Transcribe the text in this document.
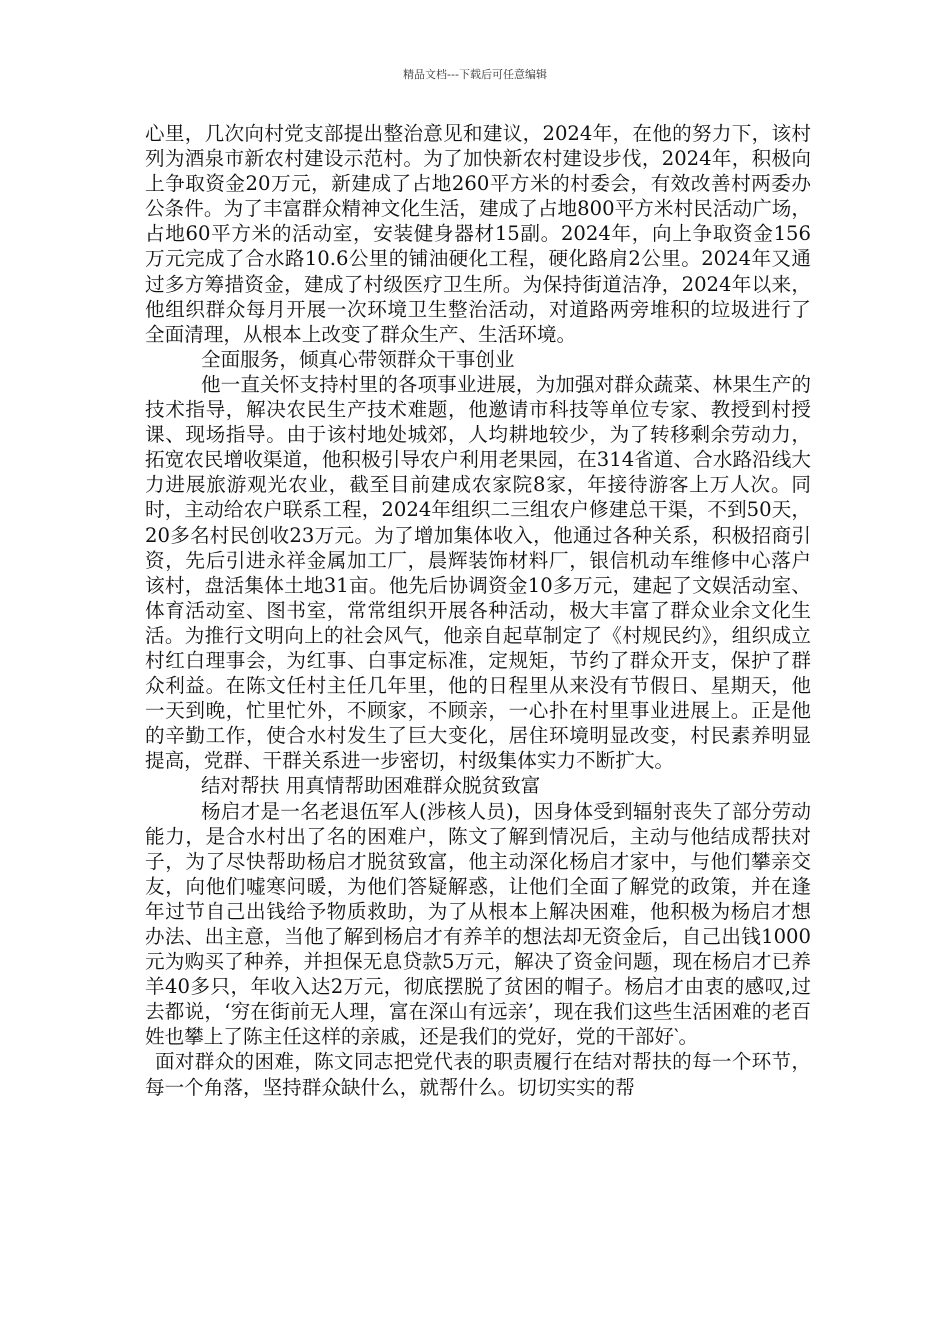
精品文档---下载后可任意编辑

心里，几次向村党支部提出整治意见和建议，2024年，在他的努力下，该村列为酒泉市新农村建设示范村。为了加快新农村建设步伐，2024年，积极向上争取资金20万元，新建成了占地260平方米的村委会，有效改善村两委办公条件。为了丰富群众精神文化生活，建成了占地800平方米村民活动广场，占地60平方米的活动室，安装健身器材15副。2024年，向上争取资金156万元完成了合水路10.6公里的铺油硬化工程，硬化路肩2公里。2024年又通过多方筹措资金，建成了村级医疗卫生所。为保持街道洁净，2024年以来，他组织群众每月开展一次环境卫生整治活动，对道路两旁堆积的垃圾进行了全面清理，从根本上改变了群众生产、生活环境。

全面服务，倾真心带领群众干事创业

他一直关怀支持村里的各项事业进展，为加强对群众蔬菜、林果生产的技术指导，解决农民生产技术难题，他邀请市科技等单位专家、教授到村授课、现场指导。由于该村地处城郊，人均耕地较少，为了转移剩余劳动力，拓宽农民增收渠道，他积极引导农户利用老果园，在314省道、合水路沿线大力进展旅游观光农业，截至目前建成农家院8家，年接待游客上万人次。同时，主动给农户联系工程，2024年组织二三组农户修建总干渠，不到50天，20多名村民创收23万元。为了增加集体收入，他通过各种关系，积极招商引资，先后引进永祥金属加工厂，晨辉装饰材料厂，银信机动车维修中心落户该村，盘活集体土地31亩。他先后协调资金10多万元，建起了文娱活动室、体育活动室、图书室，常常组织开展各种活动，极大丰富了群众业余文化生活。为推行文明向上的社会风气，他亲自起草制定了《村规民约》，组织成立村红白理事会，为红事、白事定标准，定规矩，节约了群众开支，保护了群众利益。在陈文任村主任几年里，他的日程里从来没有节假日、星期天，他一天到晚，忙里忙外，不顾家，不顾亲，一心扑在村里事业进展上。正是他的辛勤工作，使合水村发生了巨大变化，居住环境明显改变，村民素养明显提高，党群、干群关系进一步密切，村级集体实力不断扩大。

结对帮扶 用真情帮助困难群众脱贫致富

杨启才是一名老退伍军人(涉核人员)，因身体受到辐射丧失了部分劳动能力，是合水村出了名的困难户，陈文了解到情况后，主动与他结成帮扶对子，为了尽快帮助杨启才脱贫致富，他主动深化杨启才家中，与他们攀亲交友，向他们嘘寒问暖，为他们答疑解惑，让他们全面了解党的政策，并在逢年过节自己出钱给予物质救助，为了从根本上解决困难，他积极为杨启才想办法、出主意，当他了解到杨启才有养羊的想法却无资金后，自己出钱1000元为购买了种养，并担保无息贷款5万元，解决了资金问题，现在杨启才已养羊40多只，年收入达2万元，彻底摆脱了贫困的帽子。杨启才由衷的感叹,过去都说，‘穷在街前无人理，富在深山有远亲’，现在我们这些生活困难的老百姓也攀上了陈主任这样的亲戚，还是我们的党好，党的干部好‵。

面对群众的困难，陈文同志把党代表的职责履行在结对帮扶的每一个环节，每一个角落，坚持群众缺什么，就帮什么。切切实实的帮
